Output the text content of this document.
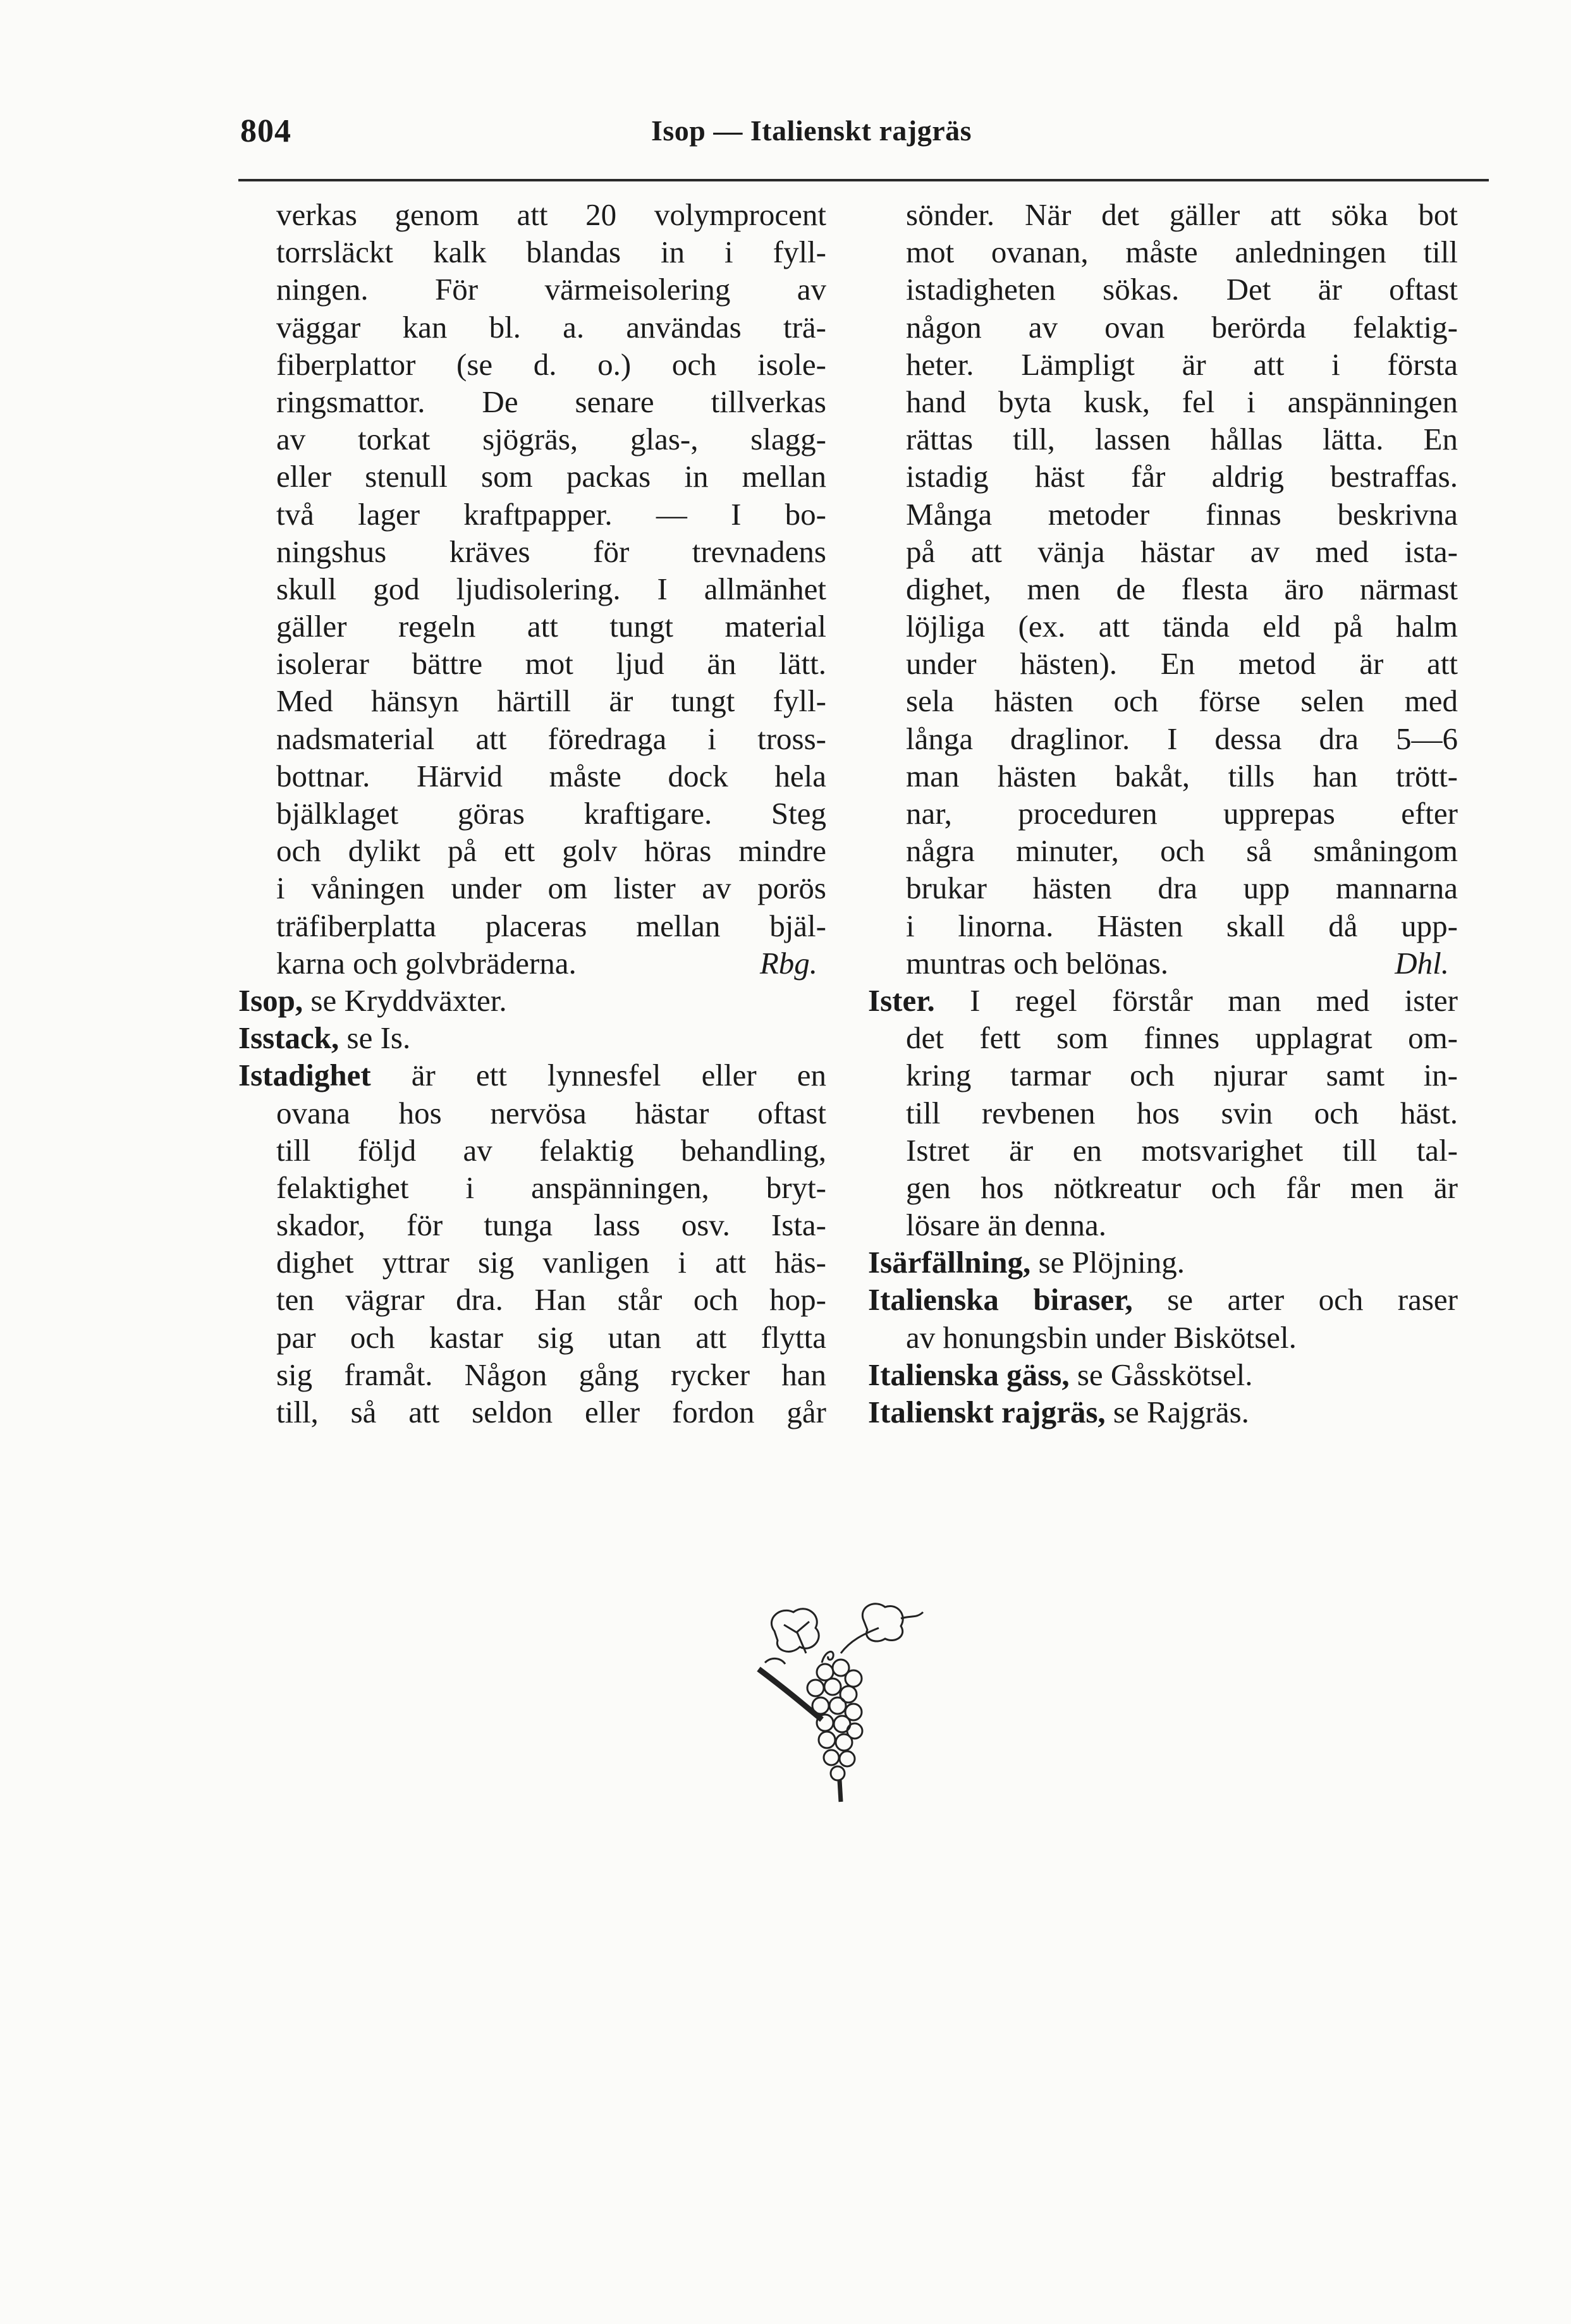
804	Isop — Italienskt rajgräs
verkas genom att 20 volymprocent
torrsläckt kalk blandas in i fyll-
ningen. För värmeisolering av
väggar kan bl. a. användas trä-
fiberplattor (se d. o.) och isole-
ringsmattor. De senare tillverkas
av torkat sjögräs, glas-, slagg-
eller stenull som packas in mellan
två lager kraftpapper. — I bo-
ningshus kräves för trevnadens
skull god ljudisolering. I allmänhet
gäller regeln att tungt material
isolerar bättre mot ljud än lätt.
Med hänsyn härtill är tungt fyll-
nadsmaterial att föredraga i tross-
bottnar. Härvid måste dock hela
bjälklaget göras kraftigare. Steg
och dylikt på ett golv höras mindre
i våningen under om lister av porös
träfiberplatta placeras mellan bjäl-
karna och golvbräderna.	Rbg.
Isop, se Kryddväxter.
Isstack, se Is.
Istadighet är ett lynnesfel eller en
ovana hos nervösa hästar oftast
till följd av felaktig behandling,
felaktighet i anspänningen, bryt-
skador, för tunga lass osv. Ista-
dighet yttrar sig vanligen i att häs-
ten vägrar dra. Han står och hop-
par och kastar sig utan att flytta
sig framåt. Någon gång rycker han
till, så att seldon eller fordon går
sönder. När det gäller att söka bot
mot ovanan, måste anledningen till
istadigheten sökas. Det är oftast
någon av ovan berörda felaktig-
heter. Lämpligt är att i första
hand byta kusk, fel i anspänningen
rättas till, lassen hållas lätta. En
istadig häst får aldrig bestraffas.
Många metoder finnas beskrivna
på att vänja hästar av med ista-
dighet, men de flesta äro närmast
löjliga (ex. att tända eld på halm
under hästen). En metod är att
sela hästen och förse selen med
långa draglinor. I dessa dra 5—6
man hästen bakåt, tills han trött-
nar, proceduren upprepas efter
några minuter, och så småningom
brukar hästen dra upp mannarna
i linorna. Hästen skall då upp-
muntras och belönas.	Dhl.
Ister. I regel förstår man med ister
det fett som finnes upplagrat om-
kring tarmar och njurar samt in-
till revbenen hos svin och häst.
Istret är en motsvarighet till tal-
gen hos nötkreatur och får men är
lösare än denna.
Isärfällning, se Plöjning.
Italienska biraser, se arter och raser
av honungsbin under Biskötsel.
Italienska gäss, se Gåsskötsel.
Italienskt rajgräs, se Rajgräs.
